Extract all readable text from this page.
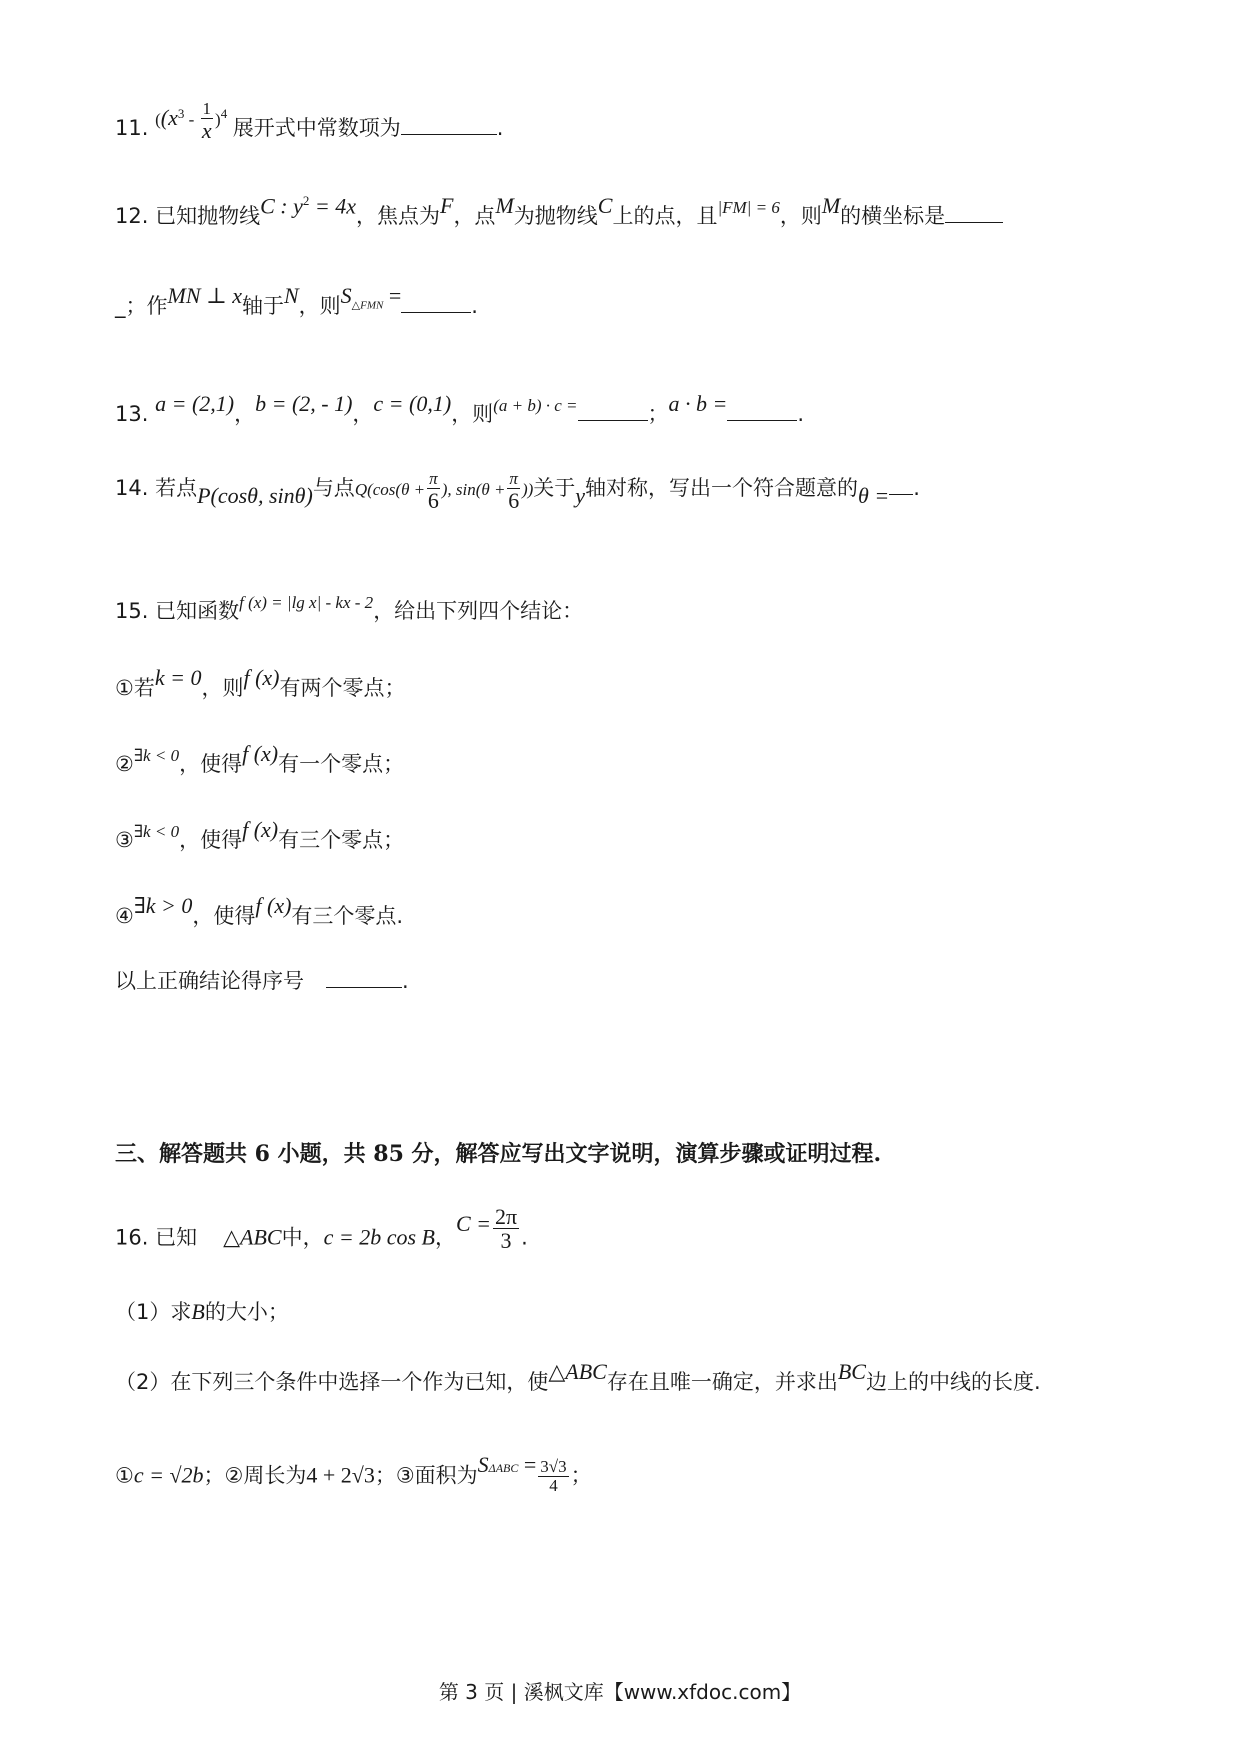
11. ($(x^3 - \frac{1}{x} )^4$ 展开式中常数项为	.
12. 已知抛物线C : $y^2 = 4x$，焦点为F，点M为抛物线C上的点，且|FM| = 6，则M的横坐标是
_；作MN ⊥ x轴于N，则$S_{\triangle FMN}$ =	.
13. a = (2,1)，b = (2, - 1)，c = (0,1)，则(a + b) · c =	；a · b =	.
14. 若点P(cosθ, sinθ)与点$Q(\cos(\theta + \frac{\pi}{6}$ ), $\sin(\theta + \frac{\pi}{6}$ ))关于y轴对称，写出一个符合题意的θ = .
15. 已知函数f (x) = |lg x| - kx - 2，给出下列四个结论：
①若k = 0，则f (x)有两个零点；
②∃k < 0，使得f (x)有一个零点；
③∃k < 0，使得f (x)有三个零点；
④∃k > 0，使得f (x)有三个零点.
以上正确结论得序号	.
三、解答题共 6 小题，共 85 分，解答应写出文字说明，演算步骤或证明过程.
16. 已知 △ABC中，c = 2b cos B，$C = \frac{2\pi}{3}$ .
（1）求B的大小；
（2）在下列三个条件中选择一个作为已知，使△ABC存在且唯一确定，并求出BC边上的中线的长度.
①c = √2b；②周长为4 + 2√3；③面积为$S\Delta ABC = \frac{3√3}{4}$ ；
第 3 页 | 溪枫文库【www.xfdoc.com】
